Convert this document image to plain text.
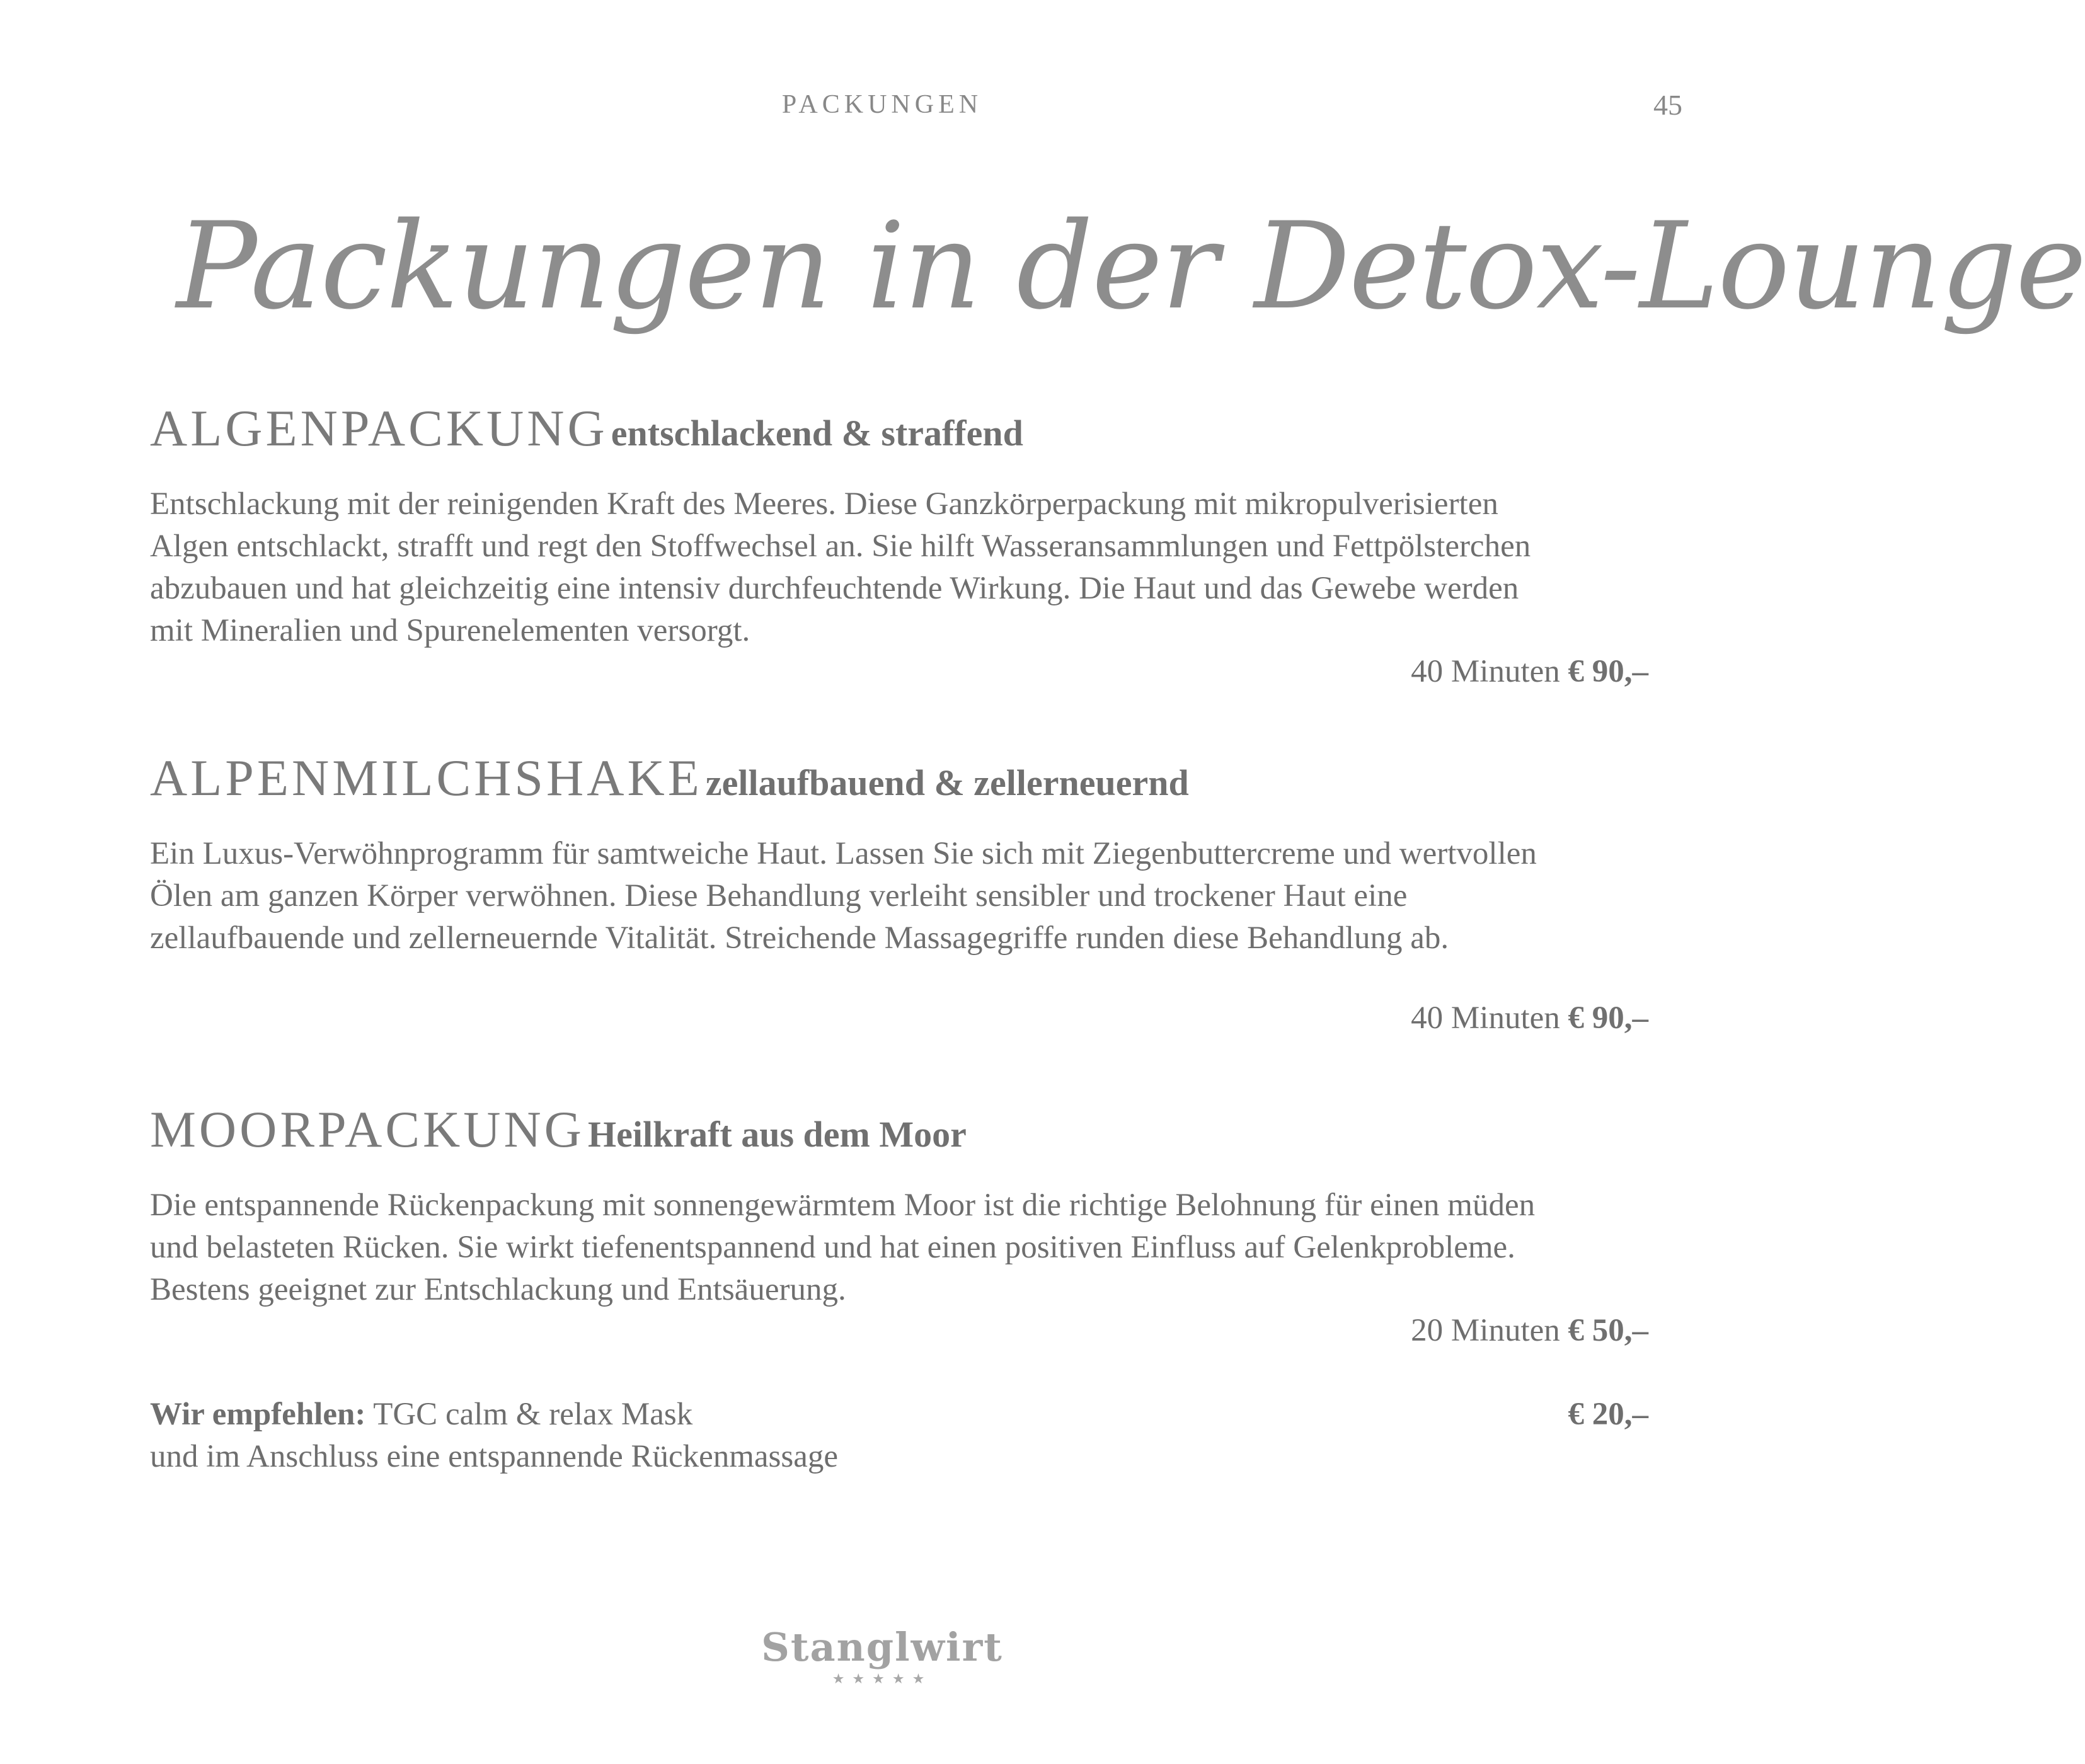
PACKUNGEN	45
Packungen in der Detox-Lounge
ALGENPACKUNG entschlackend & straffend
Entschlackung mit der reinigenden Kraft des Meeres. Diese Ganzkörperpackung mit mikropulverisierten
Algen entschlackt, strafft und regt den Stoffwechsel an. Sie hilft Wasseransammlungen und Fettpölsterchen
abzubauen und hat gleichzeitig eine intensiv durchfeuchtende Wirkung. Die Haut und das Gewebe werden
mit Mineralien und Spurenelementen versorgt.
40 Minuten € 90,–
ALPENMILCHSHAKE zellaufbauend & zellerneuernd
Ein Luxus-Verwöhnprogramm für samtweiche Haut. Lassen Sie sich mit Ziegenbuttercreme und wertvollen
Ölen am ganzen Körper verwöhnen. Diese Behandlung verleiht sensibler und trockener Haut eine
zellaufbauende und zellerneuernde Vitalität. Streichende Massagegriffe runden diese Behandlung ab.
40 Minuten € 90,–
MOORPACKUNG Heilkraft aus dem Moor
Die entspannende Rückenpackung mit sonnengewärmtem Moor ist die richtige Belohnung für einen müden
und belasteten Rücken. Sie wirkt tiefenentspannend und hat einen positiven Einfluss auf Gelenkprobleme.
Bestens geeignet zur Entschlackung und Entsäuerung.
20 Minuten € 50,–
Wir empfehlen: TGC calm & relax Mask	€ 20,–
und im Anschluss eine entspannende Rückenmassage
Stanglwirt
★★★★★
